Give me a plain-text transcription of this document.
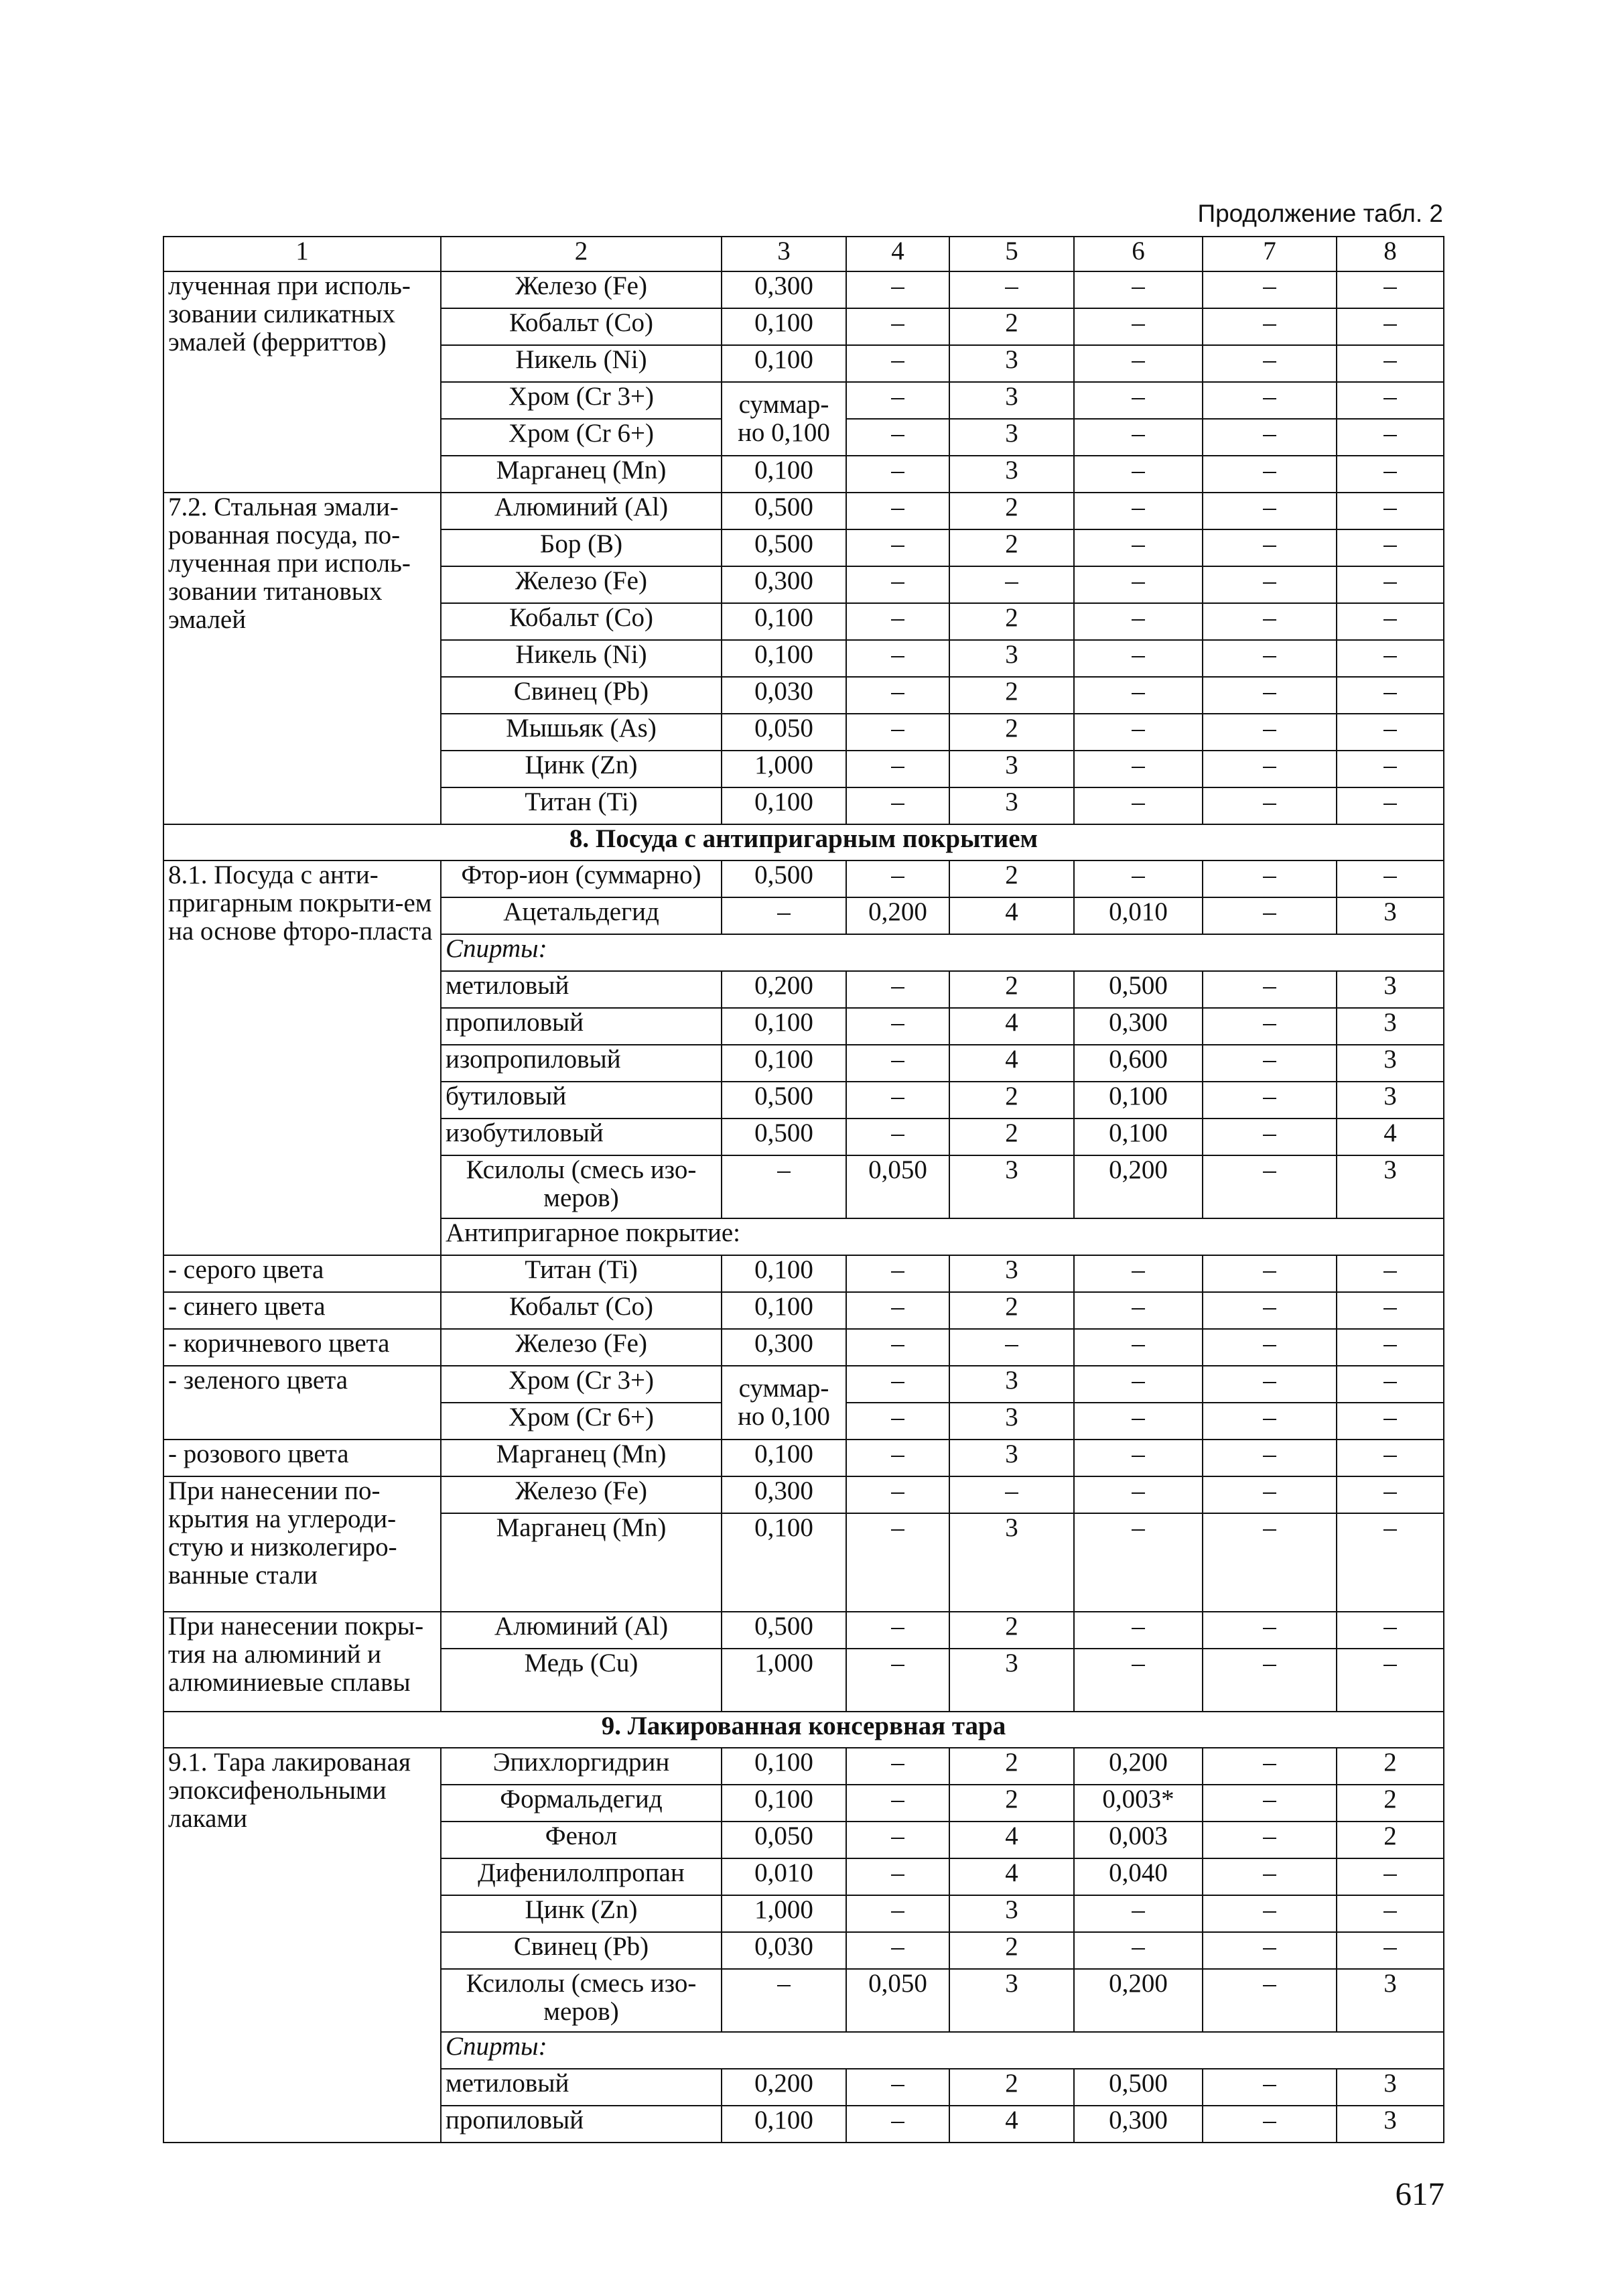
Продолжение табл. 2
1	2	3	4	5	6	7	8
лученная при исполь-зовании силикатных эмалей (ферриттов)	Железо (Fe)	0,300	–	–	–	–	–
	Кобальт (Co)	0,100	–	2	–	–	–
	Никель (Ni)	0,100	–	3	–	–	–
	Хром (Cr 3+)	суммар-но 0,100	–	3	–	–	–
	Хром (Cr 6+)		–	3	–	–	–
	Марганец (Mn)	0,100	–	3	–	–	–
7.2. Стальная эмали-рованная посуда, по-лученная при исполь-зовании титановых эмалей	Алюминий (Al)	0,500	–	2	–	–	–
	Бор (B)	0,500	–	2	–	–	–
	Железо (Fe)	0,300	–	–	–	–	–
	Кобальт (Co)	0,100	–	2	–	–	–
	Никель (Ni)	0,100	–	3	–	–	–
	Свинец (Pb)	0,030	–	2	–	–	–
	Мышьяк (As)	0,050	–	2	–	–	–
	Цинк (Zn)	1,000	–	3	–	–	–
	Титан (Ti)	0,100	–	3	–	–	–
8. Посуда с антипригарным покрытием							
8.1. Посуда с анти-пригарным покрыти-ем на основе фторо-пласта	Фтор-ион (суммарно)	0,500	–	2	–	–	–
	Ацетальдегид	–	0,200	4	0,010	–	3
	Спирты:						
	метиловый	0,200	–	2	0,500	–	3
	пропиловый	0,100	–	4	0,300	–	3
	изопропиловый	0,100	–	4	0,600	–	3
	бутиловый	0,500	–	2	0,100	–	3
	изобутиловый	0,500	–	2	0,100	–	4
	Ксилолы (смесь изо-меров)	–	0,050	3	0,200	–	3
	Антипригарное покрытие:						
- серого цвета	Титан (Ti)	0,100	–	3	–	–	–
- синего цвета	Кобальт (Co)	0,100	–	2	–	–	–
- коричневого цвета	Железо (Fe)	0,300	–	–	–	–	–
- зеленого цвета	Хром (Cr 3+)	суммар-но 0,100	–	3	–	–	–
	Хром (Cr 6+)		–	3	–	–	–
- розового цвета	Марганец (Mn)	0,100	–	3	–	–	–
При нанесении по-крытия на углероди-стую и низколегиро-ванные стали	Железо (Fe)	0,300	–	–	–	–	–
	Марганец (Mn)	0,100	–	3	–	–	–
При нанесении покры-тия на алюминий и алюминиевые сплавы	Алюминий (Al)	0,500	–	2	–	–	–
	Медь (Cu)	1,000	–	3	–	–	–
9. Лакированная консервная тара							
9.1. Тара лакированая эпоксифенольными лаками	Эпихлоргидрин	0,100	–	2	0,200	–	2
	Формальдегид	0,100	–	2	0,003*	–	2
	Фенол	0,050	–	4	0,003	–	2
	Дифенилолпропан	0,010	–	4	0,040	–	–
	Цинк (Zn)	1,000	–	3	–	–	–
	Свинец (Pb)	0,030	–	2	–	–	–
	Ксилолы (смесь изо-меров)	–	0,050	3	0,200	–	3
	Спирты:						
	метиловый	0,200	–	2	0,500	–	3
	пропиловый	0,100	–	4	0,300	–	3
617
